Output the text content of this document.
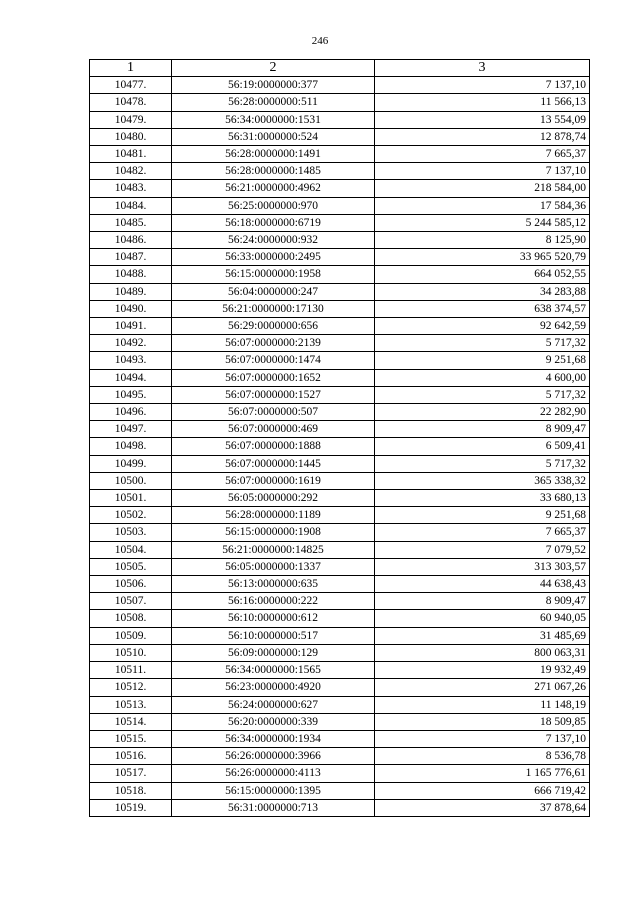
246
1	2	3
10477.	56:19:0000000:377	7 137,10
10478.	56:28:0000000:511	11 566,13
10479.	56:34:0000000:1531	13 554,09
10480.	56:31:0000000:524	12 878,74
10481.	56:28:0000000:1491	7 665,37
10482.	56:28:0000000:1485	7 137,10
10483.	56:21:0000000:4962	218 584,00
10484.	56:25:0000000:970	17 584,36
10485.	56:18:0000000:6719	5 244 585,12
10486.	56:24:0000000:932	8 125,90
10487.	56:33:0000000:2495	33 965 520,79
10488.	56:15:0000000:1958	664 052,55
10489.	56:04:0000000:247	34 283,88
10490.	56:21:0000000:17130	638 374,57
10491.	56:29:0000000:656	92 642,59
10492.	56:07:0000000:2139	5 717,32
10493.	56:07:0000000:1474	9 251,68
10494.	56:07:0000000:1652	4 600,00
10495.	56:07:0000000:1527	5 717,32
10496.	56:07:0000000:507	22 282,90
10497.	56:07:0000000:469	8 909,47
10498.	56:07:0000000:1888	6 509,41
10499.	56:07:0000000:1445	5 717,32
10500.	56:07:0000000:1619	365 338,32
10501.	56:05:0000000:292	33 680,13
10502.	56:28:0000000:1189	9 251,68
10503.	56:15:0000000:1908	7 665,37
10504.	56:21:0000000:14825	7 079,52
10505.	56:05:0000000:1337	313 303,57
10506.	56:13:0000000:635	44 638,43
10507.	56:16:0000000:222	8 909,47
10508.	56:10:0000000:612	60 940,05
10509.	56:10:0000000:517	31 485,69
10510.	56:09:0000000:129	800 063,31
10511.	56:34:0000000:1565	19 932,49
10512.	56:23:0000000:4920	271 067,26
10513.	56:24:0000000:627	11 148,19
10514.	56:20:0000000:339	18 509,85
10515.	56:34:0000000:1934	7 137,10
10516.	56:26:0000000:3966	8 536,78
10517.	56:26:0000000:4113	1 165 776,61
10518.	56:15:0000000:1395	666 719,42
10519.	56:31:0000000:713	37 878,64
